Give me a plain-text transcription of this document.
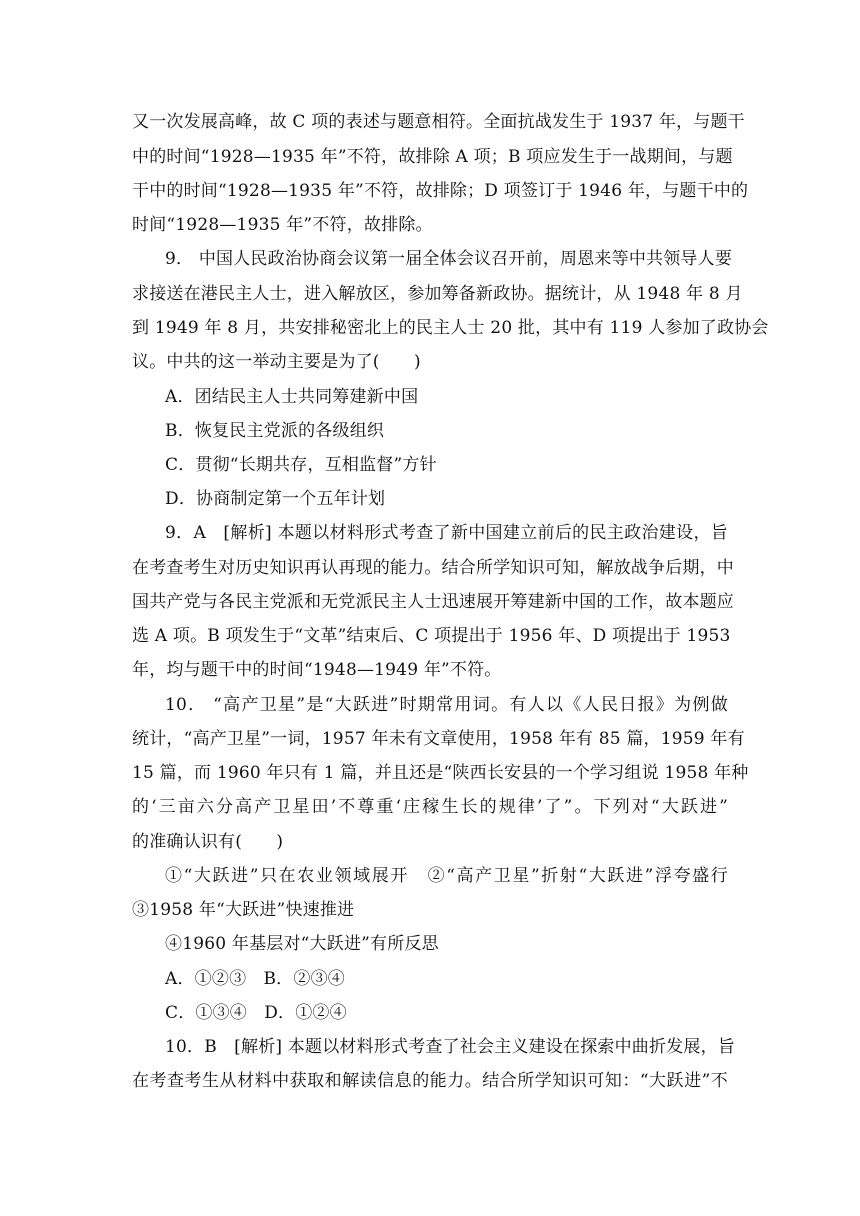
又一次发展高峰，故 C 项的表述与题意相符。全面抗战发生于 1937 年，与题干
中的时间“1928—1935 年”不符，故排除 A 项；B 项应发生于一战期间，与题
干中的时间“1928—1935 年”不符，故排除；D 项签订于 1946 年，与题干中的
时间“1928—1935 年”不符，故排除。
9． 中国人民政治协商会议第一届全体会议召开前，周恩来等中共领导人要
求接送在港民主人士，进入解放区，参加筹备新政协。据统计，从 1948 年 8 月
到 1949 年 8 月，共安排秘密北上的民主人士 20 批，其中有 119 人参加了政协会
议。中共的这一举动主要是为了(　　)
A．团结民主人士共同筹建新中国
B．恢复民主党派的各级组织
C．贯彻“长期共存，互相监督”方针
D．协商制定第一个五年计划
9．A　[解析] 本题以材料形式考查了新中国建立前后的民主政治建设，旨
在考查考生对历史知识再认再现的能力。结合所学知识可知，解放战争后期，中
国共产党与各民主党派和无党派民主人士迅速展开筹建新中国的工作，故本题应
选 A 项。B 项发生于“文革”结束后、C 项提出于 1956 年、D 项提出于 1953
年，均与题干中的时间“1948—1949 年”不符。
10． “高产卫星”是“大跃进”时期常用词。有人以《人民日报》为例做
统计，“高产卫星”一词，1957 年未有文章使用，1958 年有 85 篇，1959 年有
15 篇，而 1960 年只有 1 篇，并且还是“陕西长安县的一个学习组说 1958 年种
的‘三亩六分高产卫星田’不尊重‘庄稼生长的规律’了”。下列对“大跃进”
的准确认识有(　　)
①“大跃进”只在农业领域展开　②“高产卫星”折射“大跃进”浮夸盛行
③1958 年“大跃进”快速推进
④1960 年基层对“大跃进”有所反思
A．①②③　B．②③④
C．①③④　D．①②④
10．B　[解析] 本题以材料形式考查了社会主义建设在探索中曲折发展，旨
在考查考生从材料中获取和解读信息的能力。结合所学知识可知：“大跃进”不
